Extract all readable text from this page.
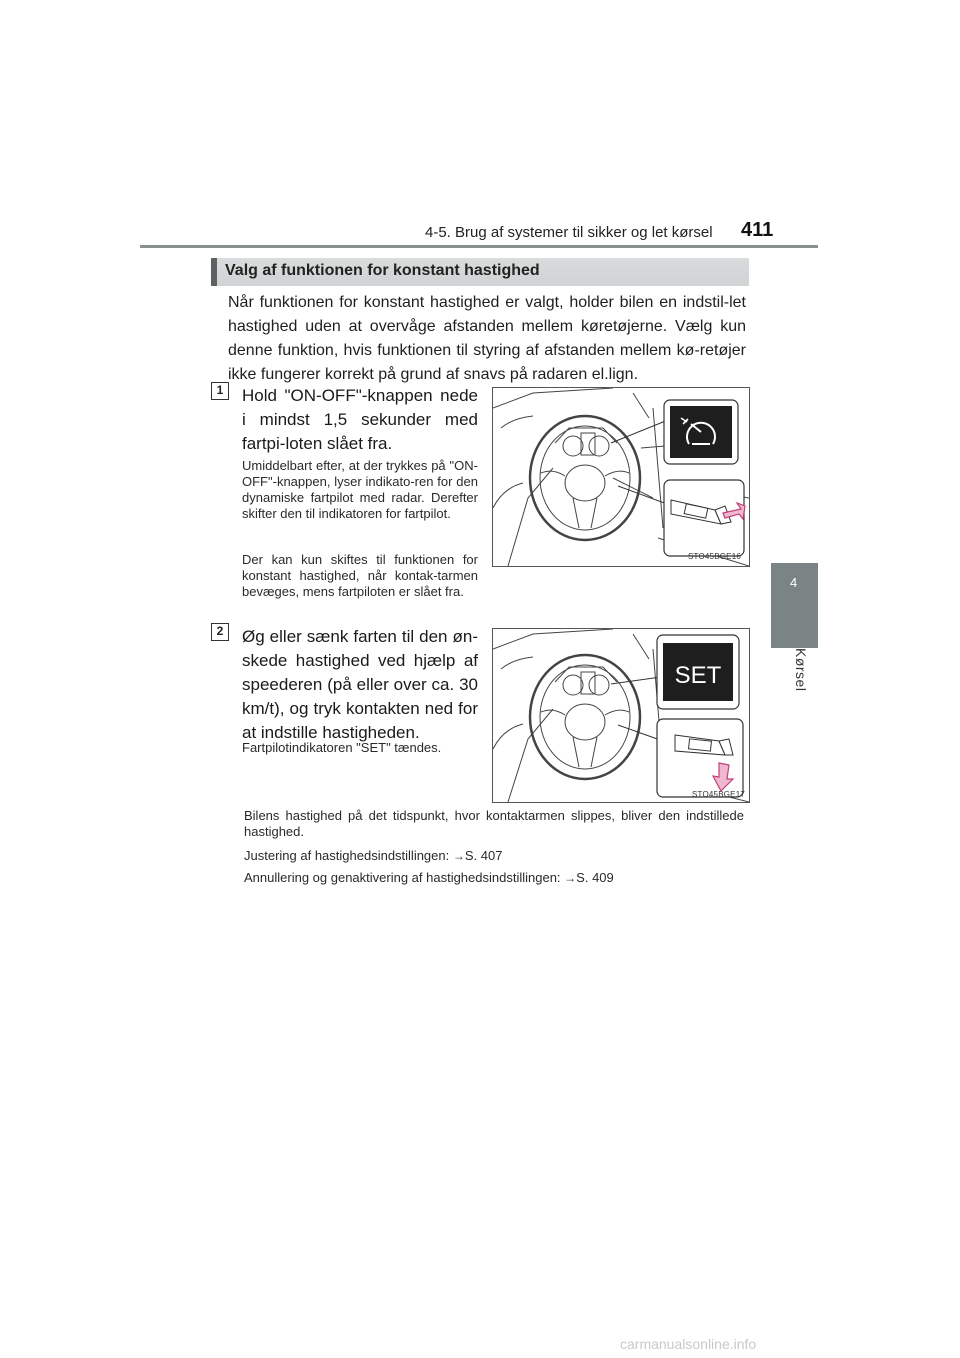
4-5. Brug af systemer til sikker og let kørsel 411
4
Kørsel
Valg af funktionen for konstant hastighed
Når funktionen for konstant hastighed er valgt, holder bilen en indstil-let hastighed uden at overvåge afstanden mellem køretøjerne. Vælg kun denne funktion, hvis funktionen til styring af afstanden mellem kø-retøjer ikke fungerer korrekt på grund af snavs på radaren el.lign.
1	Hold "ON-OFF"-knappen nede i mindst 1,5 sekunder med fartpi-loten slået fra.
Umiddelbart efter, at der trykkes på "ON-OFF"-knappen, lyser indikato-ren for den dynamiske fartpilot med radar. Derefter skifter den til indikatoren for fartpilot.
Der kan kun skiftes til funktionen for konstant hastighed, når kontak-tarmen bevæges, mens fartpiloten er slået fra.
STO45BGE16
2	Øg eller sænk farten til den øn-skede hastighed ved hjælp af speederen (på eller over ca. 30 km/t), og tryk kontakten ned for at indstille hastigheden.
Fartpilotindikatoren "SET" tændes.
SET
STO45BGE17
Bilens hastighed på det tidspunkt, hvor kontaktarmen slippes, bliver den indstillede hastighed.
Justering af hastighedsindstillingen: →S. 407
Annullering og genaktivering af hastighedsindstillingen: →S. 409
carmanualsonline.info
